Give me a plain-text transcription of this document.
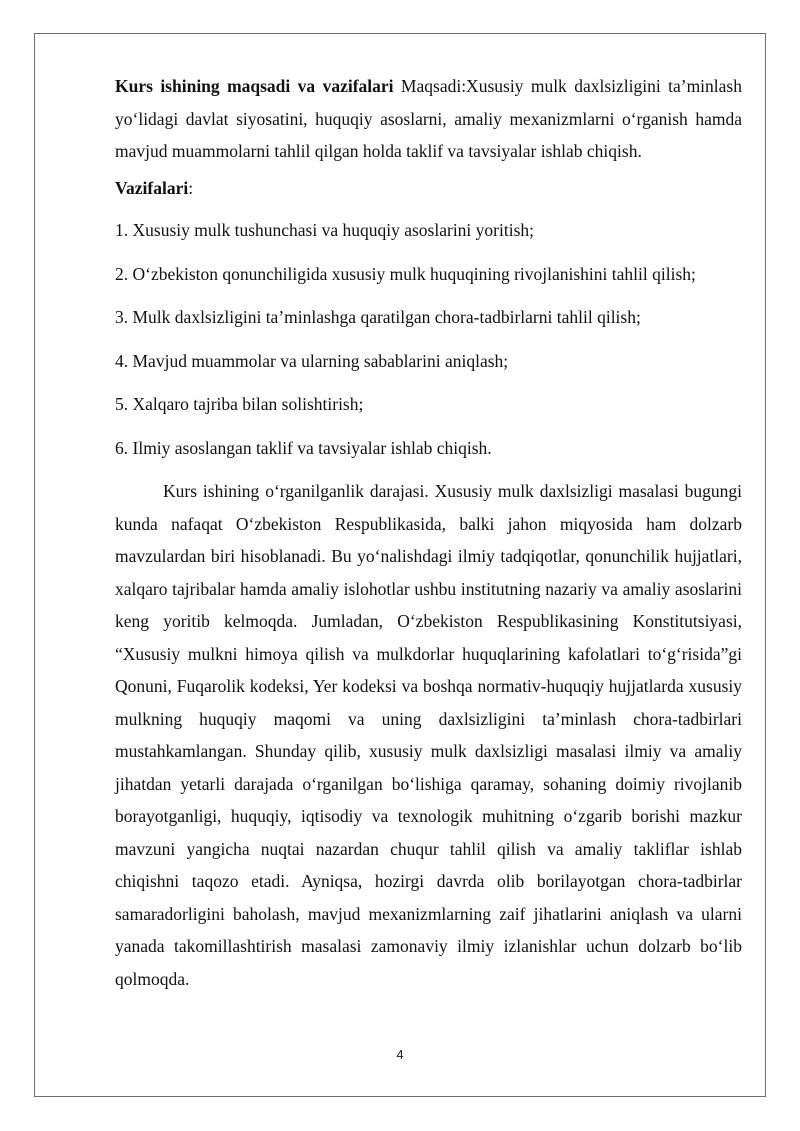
Kurs ishining maqsadi va vazifalari Maqsadi:Xususiy mulk daxlsizligini ta’minlash yo‘lidagi davlat siyosatini, huquqiy asoslarni, amaliy mexanizmlarni o‘rganish hamda mavjud muammolarni tahlil qilgan holda taklif va tavsiyalar ishlab chiqish.

Vazifalari:

1. Xususiy mulk tushunchasi va huquqiy asoslarini yoritish;

2. O‘zbekiston qonunchiligida xususiy mulk huquqining rivojlanishini tahlil qilish;

3. Mulk daxlsizligini ta’minlashga qaratilgan chora-tadbirlarni tahlil qilish;

4. Mavjud muammolar va ularning sabablarini aniqlash;

5. Xalqaro tajriba bilan solishtirish;

6. Ilmiy asoslangan taklif va tavsiyalar ishlab chiqish.

Kurs ishining o‘rganilganlik darajasi. Xususiy mulk daxlsizligi masalasi bugungi kunda nafaqat O‘zbekiston Respublikasida, balki jahon miqyosida ham dolzarb mavzulardan biri hisoblanadi. Bu yo‘nalishdagi ilmiy tadqiqotlar, qonunchilik hujjatlari, xalqaro tajribalar hamda amaliy islohotlar ushbu institutning nazariy va amaliy asoslarini keng yoritib kelmoqda. Jumladan, O‘zbekiston Respublikasining Konstitutsiyasi, “Xususiy mulkni himoya qilish va mulkdorlar huquqlarining kafolatlari to‘g‘risida”gi Qonuni, Fuqarolik kodeksi, Yer kodeksi va boshqa normativ-huquqiy hujjatlarda xususiy mulkning huquqiy maqomi va uning daxlsizligini ta’minlash chora-tadbirlari mustahkamlangan. Shunday qilib, xususiy mulk daxlsizligi masalasi ilmiy va amaliy jihatdan yetarli darajada o‘rganilgan bo‘lishiga qaramay, sohaning doimiy rivojlanib borayotganligi, huquqiy, iqtisodiy va texnologik muhitning o‘zgarib borishi mazkur mavzuni yangicha nuqtai nazardan chuqur tahlil qilish va amaliy takliflar ishlab chiqishni taqozo etadi. Ayniqsa, hozirgi davrda olib borilayotgan chora-tadbirlar samaradorligini baholash, mavjud mexanizmlarning zaif jihatlarini aniqlash va ularni yanada takomillashtirish masalasi zamonaviy ilmiy izlanishlar uchun dolzarb bo‘lib qolmoqda.

4
